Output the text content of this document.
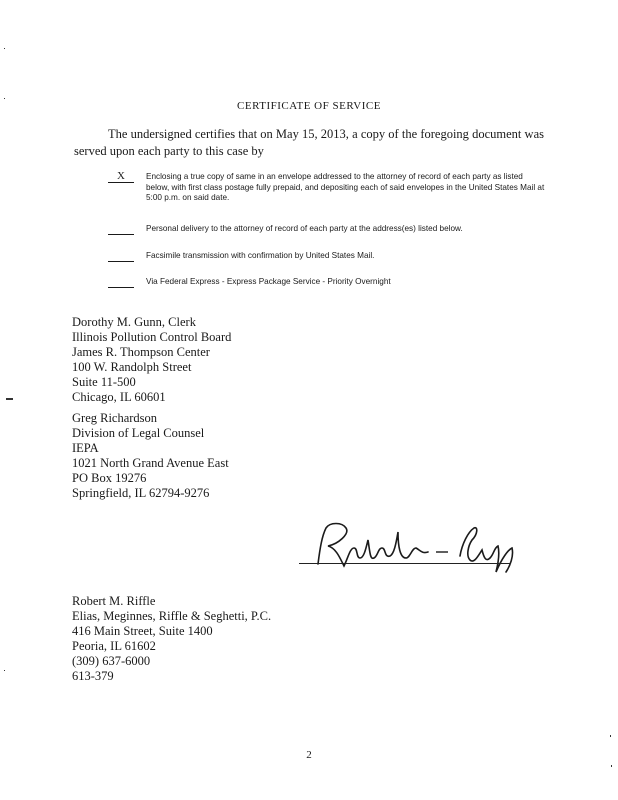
CERTIFICATE OF SERVICE
The undersigned certifies that on May 15, 2013, a copy of the foregoing document was served upon each party to this case by
X	Enclosing a true copy of same in an envelope addressed to the attorney of record of each party as listed below, with first class postage fully prepaid, and depositing each of said envelopes in the United States Mail at 5:00 p.m. on said date.
Personal delivery to the attorney of record of each party at the address(es) listed below.
Facsimile transmission with confirmation by United States Mail.
Via Federal Express - Express Package Service - Priority Overnight
Dorothy M. Gunn, Clerk
Illinois Pollution Control Board
James R. Thompson Center
100 W. Randolph Street
Suite 11-500
Chicago, IL 60601
Greg Richardson
Division of Legal Counsel
IEPA
1021 North Grand Avenue East
PO Box 19276
Springfield, IL 62794-9276
Robert M. Riffle
Elias, Meginnes, Riffle & Seghetti, P.C.
416 Main Street, Suite 1400
Peoria, IL 61602
(309) 637-6000
613-379
2
